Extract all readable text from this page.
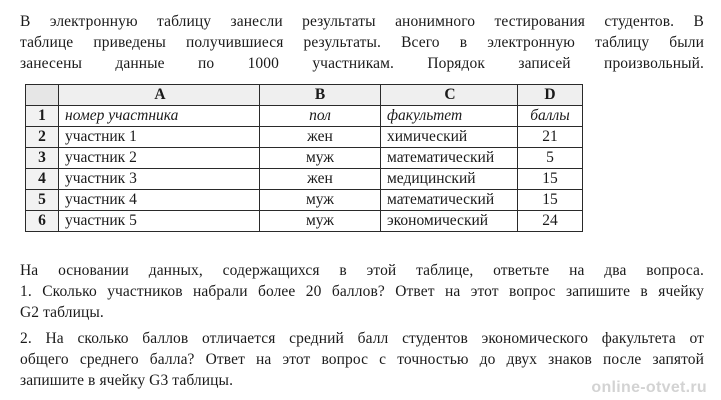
В электронную таблицу занесли результаты анонимного тестирования студентов. В
таблице приведены получившиеся результаты. Всего в электронную таблицу были
занесены данные по 1000 участникам. Порядок записей произвольный.
	A	B	C	D
1	номер участника	пол	факультет	баллы
2	участник 1	жен	химический	21
3	участник 2	муж	математический	5
4	участник 3	жен	медицинский	15
5	участник 4	муж	математический	15
6	участник 5	муж	экономический	24
На основании данных, содержащихся в этой таблице, ответьте на два вопроса.
1. Сколько участников набрали более 20 баллов? Ответ на этот вопрос запишите в ячейку
G2 таблицы.
2. На сколько баллов отличается средний балл студентов экономического факультета от
общего среднего балла? Ответ на этот вопрос с точностью до двух знаков после запятой
запишите в ячейку G3 таблицы.	online-otvet.ru
